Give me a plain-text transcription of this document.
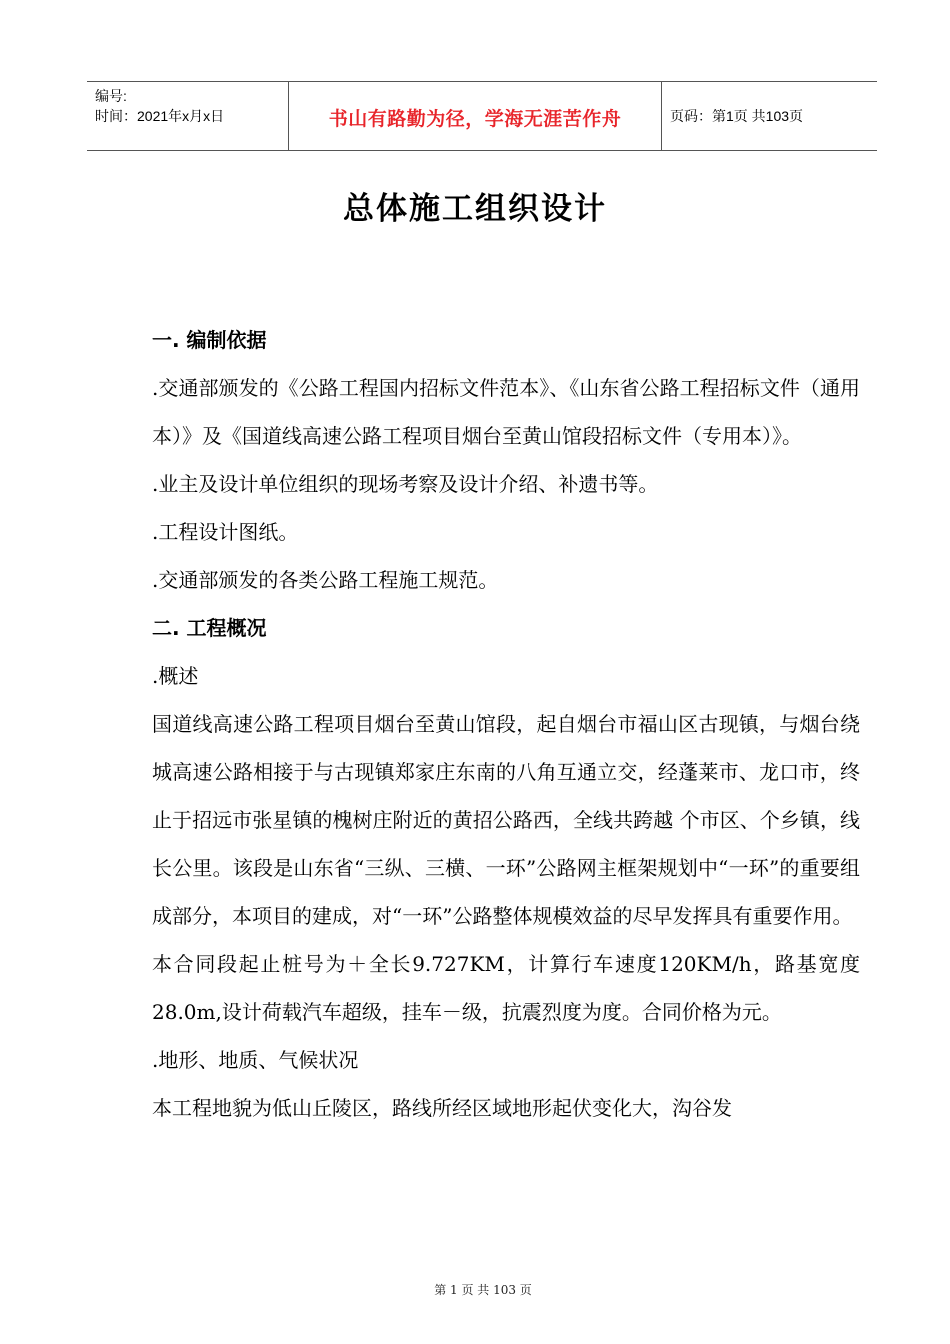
编号:
时间：2021年x月x日	书山有路勤为径，学海无涯苦作舟	页码：第1页 共103页
总体施工组织设计

一. 编制依据

.交通部颁发的《公路工程国内招标文件范本》、《山东省公路工程招标文件（通用本）》及《国道线高速公路工程项目烟台至黄山馆段招标文件（专用本）》。

.业主及设计单位组织的现场考察及设计介绍、补遗书等。

.工程设计图纸。

.交通部颁发的各类公路工程施工规范。

二. 工程概况

.概述

国道线高速公路工程项目烟台至黄山馆段，起自烟台市福山区古现镇，与烟台绕城高速公路相接于与古现镇郑家庄东南的八角互通立交，经蓬莱市、龙口市，终止于招远市张星镇的槐树庄附近的黄招公路西，全线共跨越 个市区、个乡镇，线长公里。该段是山东省“三纵、三横、一环”公路网主框架规划中“一环”的重要组成部分，本项目的建成，对“一环”公路整体规模效益的尽早发挥具有重要作用。

本合同段起止桩号为＋全长9.727KM，计算行车速度120KM/h，路基宽度28.0m,设计荷载汽车超级，挂车－级，抗震烈度为度。合同价格为元。

.地形、地质、气候状况

本工程地貌为低山丘陵区，路线所经区域地形起伏变化大，沟谷发

第 1 页 共 103 页
